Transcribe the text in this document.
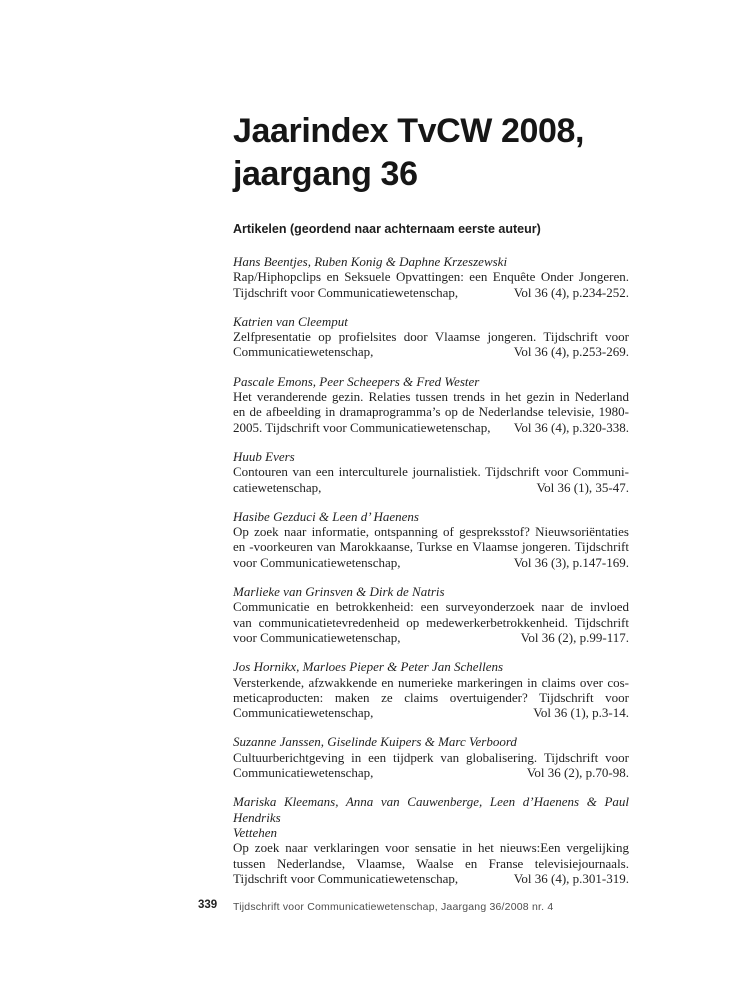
Jaarindex TvCW 2008,
jaargang 36
Artikelen (geordend naar achternaam eerste auteur)
Hans Beentjes, Ruben Konig & Daphne Krzeszewski
Rap/Hiphopclips en Seksuele Opvattingen: een Enquête Onder Jongeren.
Tijdschrift voor Communicatiewetenschap,	Vol 36 (4), p.234-252.
Katrien van Cleemput
Zelfpresentatie op profielsites door Vlaamse jongeren. Tijdschrift voor
Communicatiewetenschap,	Vol 36 (4), p.253-269.
Pascale Emons, Peer Scheepers & Fred Wester
Het veranderende gezin. Relaties tussen trends in het gezin in Nederland
en de afbeelding in dramaprogramma’s op de Nederlandse televisie, 1980-
2005. Tijdschrift voor Communicatiewetenschap, Vol 36 (4), p.320-338.
Huub Evers
Contouren van een interculturele journalistiek. Tijdschrift voor Communi-
catiewetenschap,	Vol 36 (1), 35-47.
Hasibe Gezduci & Leen d’ Haenens
Op zoek naar informatie, ontspanning of gespreksstof? Nieuwsoriëntaties
en -voorkeuren van Marokkaanse, Turkse en Vlaamse jongeren. Tijdschrift
voor Communicatiewetenschap,	Vol 36 (3), p.147-169.
Marlieke van Grinsven & Dirk de Natris
Communicatie en betrokkenheid: een surveyonderzoek naar de invloed
van communicatietevredenheid op medewerkerbetrokkenheid. Tijdschrift
voor Communicatiewetenschap,	Vol 36 (2), p.99-117.
Jos Hornikx, Marloes Pieper & Peter Jan Schellens
Versterkende, afzwakkende en numerieke markeringen in claims over cos-
meticaproducten: maken ze claims overtuigender? Tijdschrift voor
Communicatiewetenschap,	Vol 36 (1), p.3-14.
Suzanne Janssen, Giselinde Kuipers & Marc Verboord
Cultuurberichtgeving in een tijdperk van globalisering. Tijdschrift voor
Communicatiewetenschap,	Vol 36 (2), p.70-98.
Mariska Kleemans, Anna van Cauwenberge, Leen d’Haenens & Paul Hendriks
Vettehen
Op zoek naar verklaringen voor sensatie in het nieuws:Een vergelijking
tussen Nederlandse, Vlaamse, Waalse en Franse televisiejournaals.
Tijdschrift voor Communicatiewetenschap,	Vol 36 (4), p.301-319.
339 Tijdschrift voor Communicatiewetenschap, Jaargang 36/2008 nr. 4
